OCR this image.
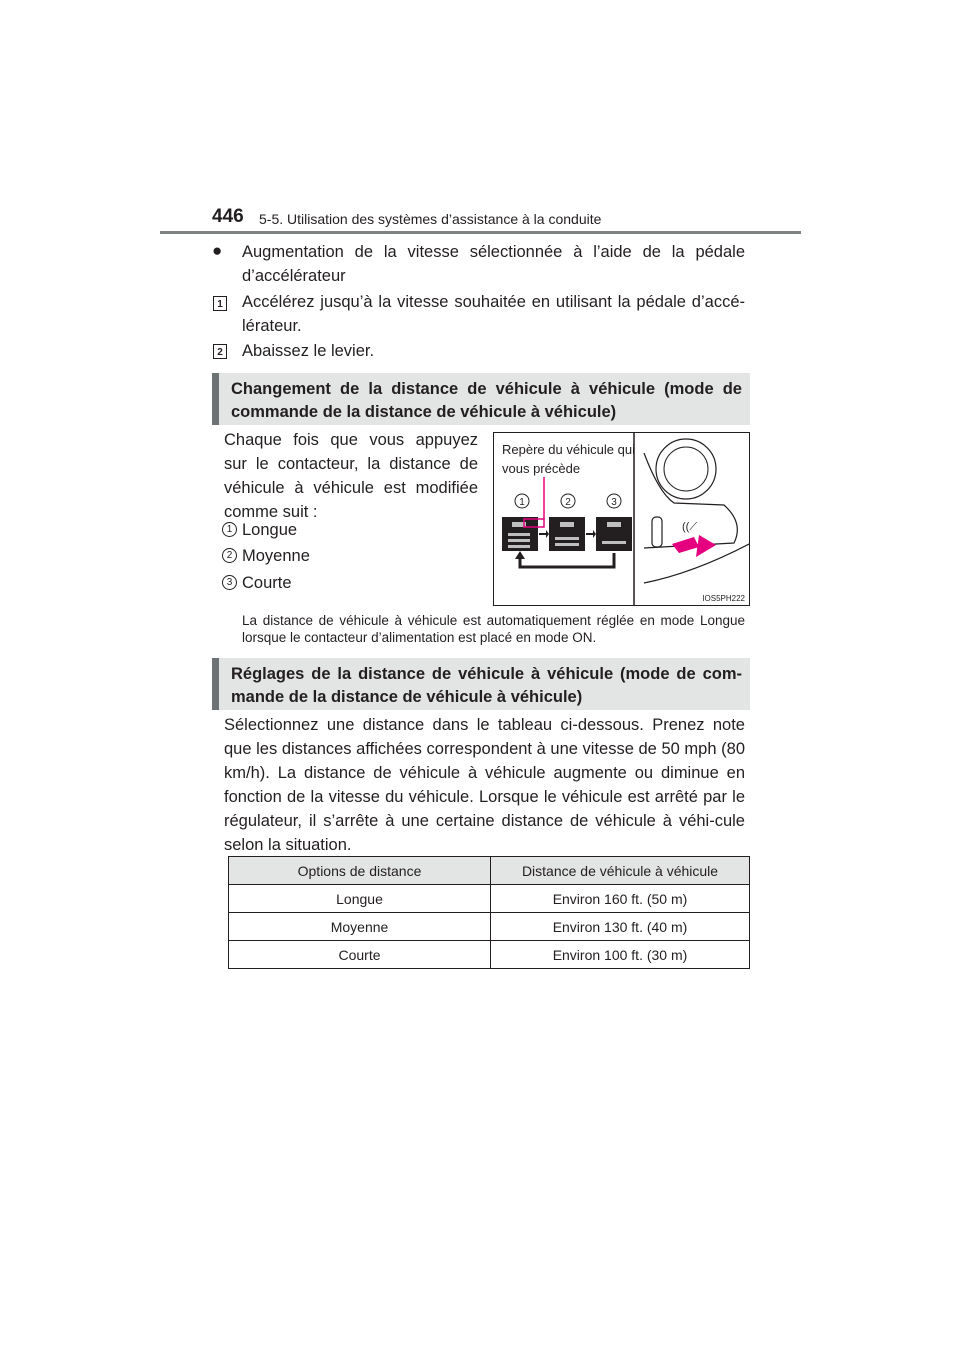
446 5-5. Utilisation des systèmes d’assistance à la conduite
● Augmentation de la vitesse sélectionnée à l’aide de la pédale d’accélérateur
1 Accélérez jusqu’à la vitesse souhaitée en utilisant la pédale d’accé-lérateur.
2 Abaissez le levier.
Changement de la distance de véhicule à véhicule (mode de commande de la distance de véhicule à véhicule)
Chaque fois que vous appuyez sur le contacteur, la distance de véhicule à véhicule est modifiée comme suit :
1 Longue
2 Moyenne
3 Courte
Repère du véhicule qui vous précède
((⟋
1	2	3
IOS5PH222
La distance de véhicule à véhicule est automatiquement réglée en mode Longue lorsque le contacteur d’alimentation est placé en mode ON.
Réglages de la distance de véhicule à véhicule (mode de com-mande de la distance de véhicule à véhicule)
Sélectionnez une distance dans le tableau ci-dessous. Prenez note que les distances affichées correspondent à une vitesse de 50 mph (80 km/h). La distance de véhicule à véhicule augmente ou diminue en fonction de la vitesse du véhicule. Lorsque le véhicule est arrêté par le régulateur, il s’arrête à une certaine distance de véhicule à véhi-cule selon la situation.
Options de distance	Distance de véhicule à véhicule
Longue	Environ 160 ft. (50 m)
Moyenne	Environ 130 ft. (40 m)
Courte	Environ 100 ft. (30 m)
